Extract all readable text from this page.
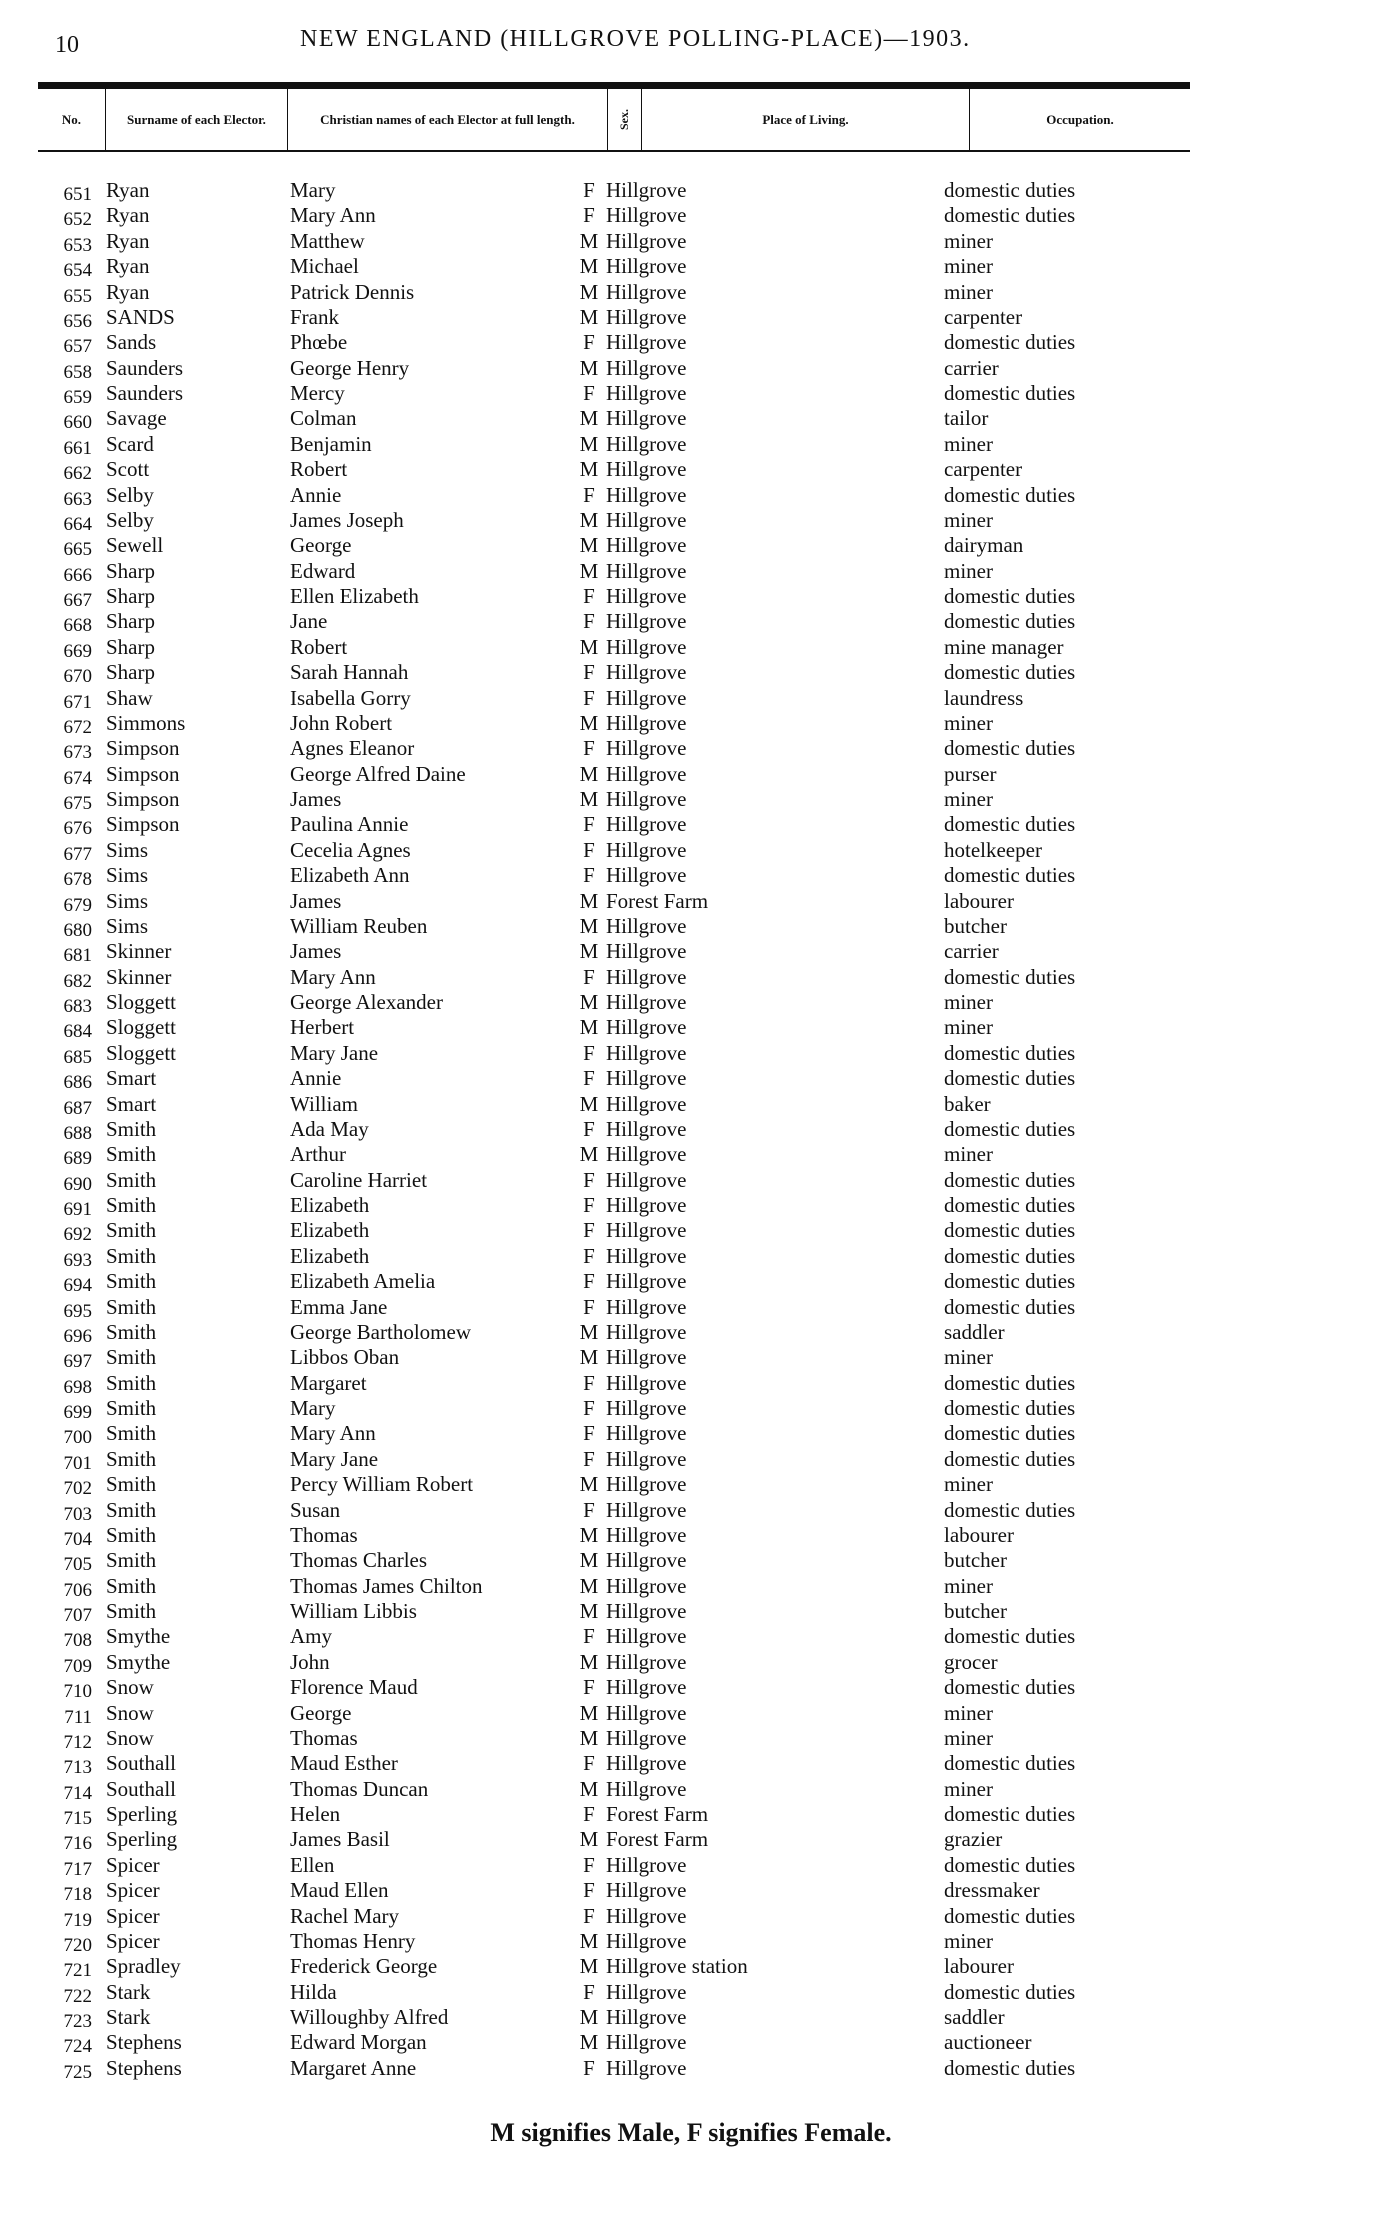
10	NEW ENGLAND (HILLGROVE POLLING-PLACE)—1903.
No.	Surname of each Elector.	Christian names of each Elector at full length.	Sex.	Place of Living.	Occupation.
651 Ryan	Mary	F Hillgrove	domestic duties
652 Ryan	Mary Ann	F Hillgrove	domestic duties
653 Ryan	Matthew	M Hillgrove	miner
654 Ryan	Michael	M Hillgrove	miner
655 Ryan	Patrick Dennis	M Hillgrove	miner
656 SANDS	Frank	M Hillgrove	carpenter
657 Sands	Phœbe	F Hillgrove	domestic duties
658 Saunders	George Henry	M Hillgrove	carrier
659 Saunders	Mercy	F Hillgrove	domestic duties
660 Savage	Colman	M Hillgrove	tailor
661 Scard	Benjamin	M Hillgrove	miner
662 Scott	Robert	M Hillgrove	carpenter
663 Selby	Annie	F Hillgrove	domestic duties
664 Selby	James Joseph	M Hillgrove	miner
665 Sewell	George	M Hillgrove	dairyman
666 Sharp	Edward	M Hillgrove	miner
667 Sharp	Ellen Elizabeth	F Hillgrove	domestic duties
668 Sharp	Jane	F Hillgrove	domestic duties
669 Sharp	Robert	M Hillgrove	mine manager
670 Sharp	Sarah Hannah	F Hillgrove	domestic duties
671 Shaw	Isabella Gorry	F Hillgrove	laundress
672 Simmons	John Robert	M Hillgrove	miner
673 Simpson	Agnes Eleanor	F Hillgrove	domestic duties
674 Simpson	George Alfred Daine	M Hillgrove	purser
675 Simpson	James	M Hillgrove	miner
676 Simpson	Paulina Annie	F Hillgrove	domestic duties
677 Sims	Cecelia Agnes	F Hillgrove	hotelkeeper
678 Sims	Elizabeth Ann	F Hillgrove	domestic duties
679 Sims	James	M Forest Farm	labourer
680 Sims	William Reuben	M Hillgrove	butcher
681 Skinner	James	M Hillgrove	carrier
682 Skinner	Mary Ann	F Hillgrove	domestic duties
683 Sloggett	George Alexander	M Hillgrove	miner
684 Sloggett	Herbert	M Hillgrove	miner
685 Sloggett	Mary Jane	F Hillgrove	domestic duties
686 Smart	Annie	F Hillgrove	domestic duties
687 Smart	William	M Hillgrove	baker
688 Smith	Ada May	F Hillgrove	domestic duties
689 Smith	Arthur	M Hillgrove	miner
690 Smith	Caroline Harriet	F Hillgrove	domestic duties
691 Smith	Elizabeth	F Hillgrove	domestic duties
692 Smith	Elizabeth	F Hillgrove	domestic duties
693 Smith	Elizabeth	F Hillgrove	domestic duties
694 Smith	Elizabeth Amelia	F Hillgrove	domestic duties
695 Smith	Emma Jane	F Hillgrove	domestic duties
696 Smith	George Bartholomew	M Hillgrove	saddler
697 Smith	Libbos Oban	M Hillgrove	miner
698 Smith	Margaret	F Hillgrove	domestic duties
699 Smith	Mary	F Hillgrove	domestic duties
700 Smith	Mary Ann	F Hillgrove	domestic duties
701 Smith	Mary Jane	F Hillgrove	domestic duties
702 Smith	Percy William Robert	M Hillgrove	miner
703 Smith	Susan	F Hillgrove	domestic duties
704 Smith	Thomas	M Hillgrove	labourer
705 Smith	Thomas Charles	M Hillgrove	butcher
706 Smith	Thomas James Chilton	M Hillgrove	miner
707 Smith	William Libbis	M Hillgrove	butcher
708 Smythe	Amy	F Hillgrove	domestic duties
709 Smythe	John	M Hillgrove	grocer
710 Snow	Florence Maud	F Hillgrove	domestic duties
711 Snow	George	M Hillgrove	miner
712 Snow	Thomas	M Hillgrove	miner
713 Southall	Maud Esther	F Hillgrove	domestic duties
714 Southall	Thomas Duncan	M Hillgrove	miner
715 Sperling	Helen	F Forest Farm	domestic duties
716 Sperling	James Basil	M Forest Farm	grazier
717 Spicer	Ellen	F Hillgrove	domestic duties
718 Spicer	Maud Ellen	F Hillgrove	dressmaker
719 Spicer	Rachel Mary	F Hillgrove	domestic duties
720 Spicer	Thomas Henry	M Hillgrove	miner
721 Spradley	Frederick George	M Hillgrove station	labourer
722 Stark	Hilda	F Hillgrove	domestic duties
723 Stark	Willoughby Alfred	M Hillgrove	saddler
724 Stephens	Edward Morgan	M Hillgrove	auctioneer
725 Stephens	Margaret Anne	F Hillgrove	domestic duties
M signifies Male, F signifies Female.
